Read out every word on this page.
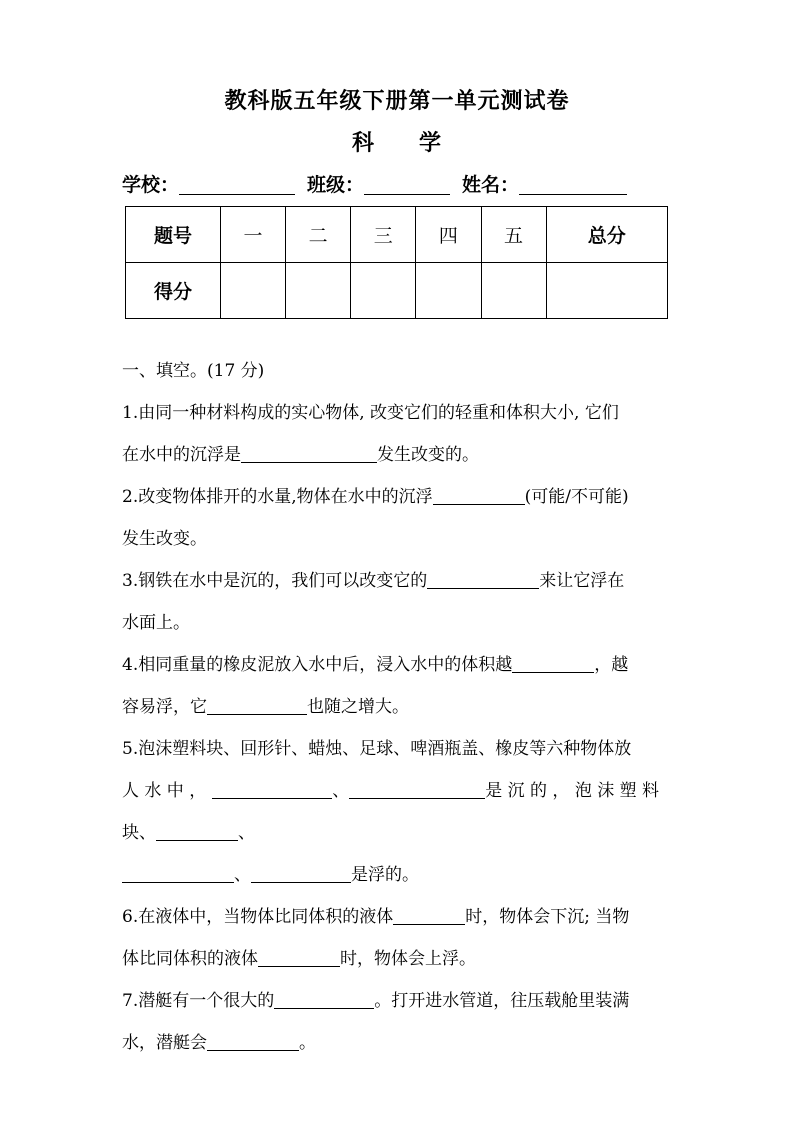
教科版五年级下册第一单元测试卷
科 学
学校：	班级：	姓名：
题号	一	二	三	四	五	总分
得分						
一、填空。(17 分)
1.由同一种材料构成的实心物体, 改变它们的轻重和体积大小, 它们
在水中的沉浮是	发生改变的。
2.改变物体排开的水量,物体在水中的沉浮	(可能/不可能)
发生改变。
3.钢铁在水中是沉的，我们可以改变它的	来让它浮在
水面上。
4.相同重量的橡皮泥放入水中后，浸入水中的体积越	，越
容易浮，它	也随之增大。
5.泡沫塑料块、回形针、蜡烛、足球、啤酒瓶盖、橡皮等六种物体放
人 水 中 ，	、	是 沉 的 ， 泡 沫 塑 料
块、	、
、	是浮的。
6.在液体中，当物体比同体积的液体	时，物体会下沉; 当物
体比同体积的液体	时，物体会上浮。
7.潜艇有一个很大的	。打开进水管道，往压载舱里装满
水，潜艇会	。
